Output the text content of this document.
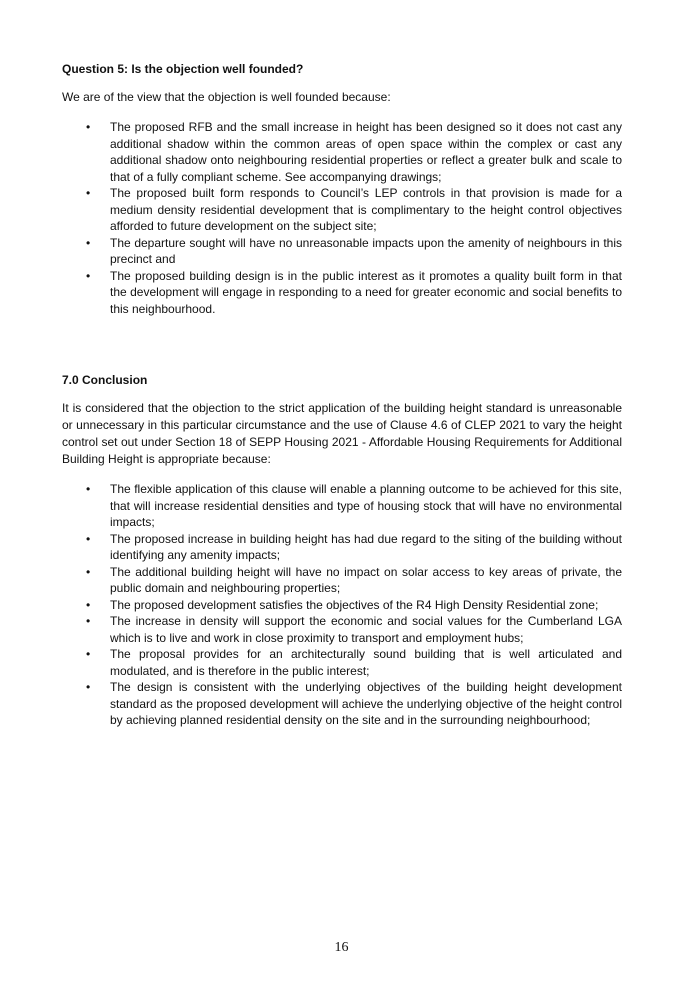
Question 5: Is the objection well founded?

We are of the view that the objection is well founded because:

• The proposed RFB and the small increase in height has been designed so it does not cast any additional shadow within the common areas of open space within the complex or cast any additional shadow onto neighbouring residential properties or reflect a greater bulk and scale to that of a fully compliant scheme. See accompanying drawings;
• The proposed built form responds to Council’s LEP controls in that provision is made for a medium density residential development that is complimentary to the height control objectives afforded to future development on the subject site;
• The departure sought will have no unreasonable impacts upon the amenity of neighbours in this precinct and
• The proposed building design is in the public interest as it promotes a quality built form in that the development will engage in responding to a need for greater economic and social benefits to this neighbourhood.

7.0 Conclusion

It is considered that the objection to the strict application of the building height standard is unreasonable or unnecessary in this particular circumstance and the use of Clause 4.6 of CLEP 2021 to vary the height control set out under Section 18 of SEPP Housing 2021 - Affordable Housing Requirements for Additional Building Height is appropriate because:

• The flexible application of this clause will enable a planning outcome to be achieved for this site, that will increase residential densities and type of housing stock that will have no environmental impacts;
• The proposed increase in building height has had due regard to the siting of the building without identifying any amenity impacts;
• The additional building height will have no impact on solar access to key areas of private, the public domain and neighbouring properties;
• The proposed development satisfies the objectives of the R4 High Density Residential zone;
• The increase in density will support the economic and social values for the Cumberland LGA which is to live and work in close proximity to transport and employment hubs;
• The proposal provides for an architecturally sound building that is well articulated and modulated, and is therefore in the public interest;
• The design is consistent with the underlying objectives of the building height development standard as the proposed development will achieve the underlying objective of the height control by achieving planned residential density on the site and in the surrounding neighbourhood;
16
